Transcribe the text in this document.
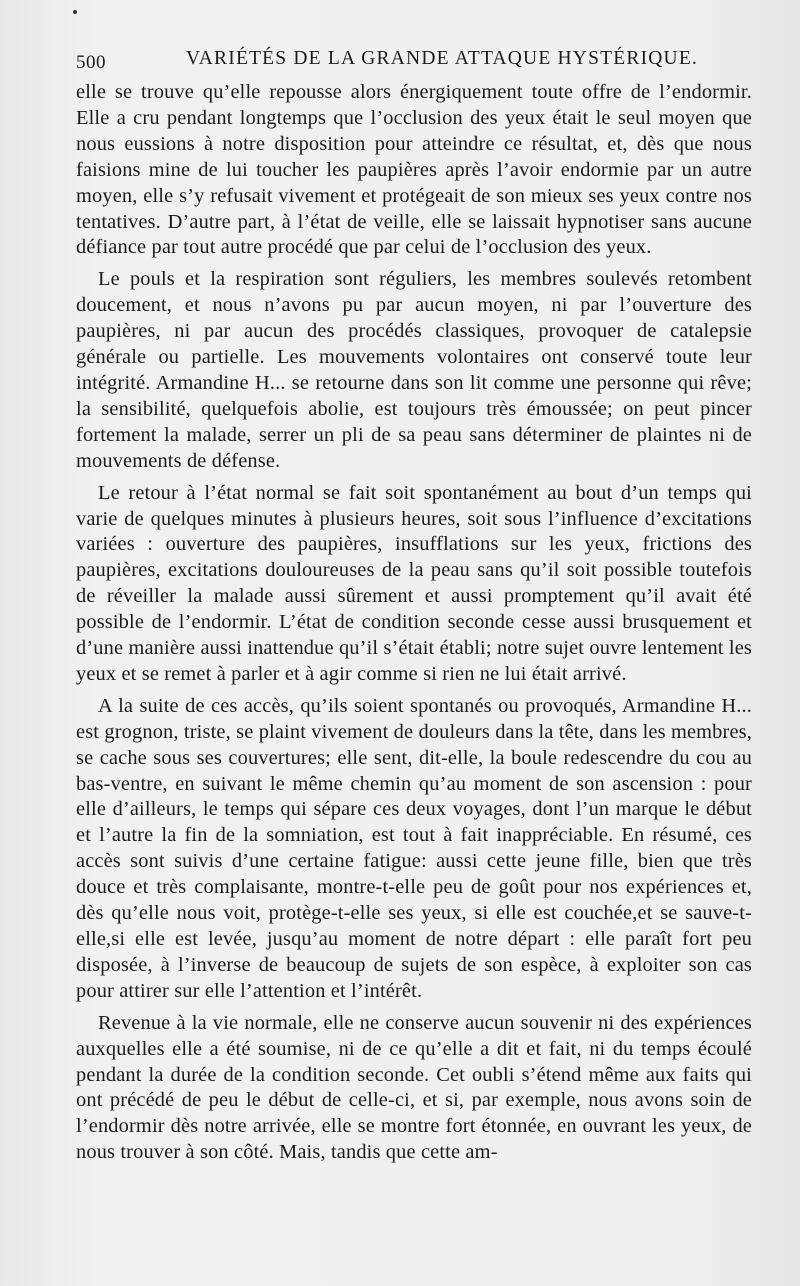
500	VARIÉTÉS DE LA GRANDE ATTAQUE HYSTÉRIQUE.

elle se trouve qu’elle repousse alors énergiquement toute offre de l’endormir. Elle a cru pendant longtemps que l’occlusion des yeux était le seul moyen que nous eussions à notre disposition pour atteindre ce résultat, et, dès que nous faisions mine de lui toucher les paupières après l’avoir endormie par un autre moyen, elle s’y refusait vivement et protégeait de son mieux ses yeux contre nos tentatives. D’autre part, à l’état de veille, elle se laissait hypnotiser sans aucune défiance par tout autre procédé que par celui de l’occlusion des yeux.

Le pouls et la respiration sont réguliers, les membres soulevés retombent doucement, et nous n’avons pu par aucun moyen, ni par l’ouverture des paupières, ni par aucun des procédés classiques, provoquer de catalepsie générale ou partielle. Les mouvements volontaires ont conservé toute leur intégrité. Armandine H... se retourne dans son lit comme une personne qui rêve; la sensibilité, quelquefois abolie, est toujours très émoussée; on peut pincer fortement la malade, serrer un pli de sa peau sans déterminer de plaintes ni de mouvements de défense.

Le retour à l’état normal se fait soit spontanément au bout d’un temps qui varie de quelques minutes à plusieurs heures, soit sous l’influence d’excitations variées : ouverture des paupières, insufflations sur les yeux, frictions des paupières, excitations douloureuses de la peau sans qu’il soit possible toutefois de réveiller la malade aussi sûrement et aussi promptement qu’il avait été possible de l’endormir. L’état de condition seconde cesse aussi brusquement et d’une manière aussi inattendue qu’il s’était établi; notre sujet ouvre lentement les yeux et se remet à parler et à agir comme si rien ne lui était arrivé.

A la suite de ces accès, qu’ils soient spontanés ou provoqués, Armandine H... est grognon, triste, se plaint vivement de douleurs dans la tête, dans les membres, se cache sous ses couvertures; elle sent, dit-elle, la boule redescendre du cou au bas-ventre, en suivant le même chemin qu’au moment de son ascension : pour elle d’ailleurs, le temps qui sépare ces deux voyages, dont l’un marque le début et l’autre la fin de la somniation, est tout à fait inappréciable. En résumé, ces accès sont suivis d’une certaine fatigue: aussi cette jeune fille, bien que très douce et très complaisante, montre-t-elle peu de goût pour nos expériences et, dès qu’elle nous voit, protège-t-elle ses yeux, si elle est couchée,et se sauve-t-elle,si elle est levée, jusqu’au moment de notre départ : elle paraît fort peu disposée, à l’inverse de beaucoup de sujets de son espèce, à exploiter son cas pour attirer sur elle l’attention et l’intérêt.

Revenue à la vie normale, elle ne conserve aucun souvenir ni des expériences auxquelles elle a été soumise, ni de ce qu’elle a dit et fait, ni du temps écoulé pendant la durée de la condition seconde. Cet oubli s’étend même aux faits qui ont précédé de peu le début de celle-ci, et si, par exemple, nous avons soin de l’endormir dès notre arrivée, elle se montre fort étonnée, en ouvrant les yeux, de nous trouver à son côté. Mais, tandis que cette am-
